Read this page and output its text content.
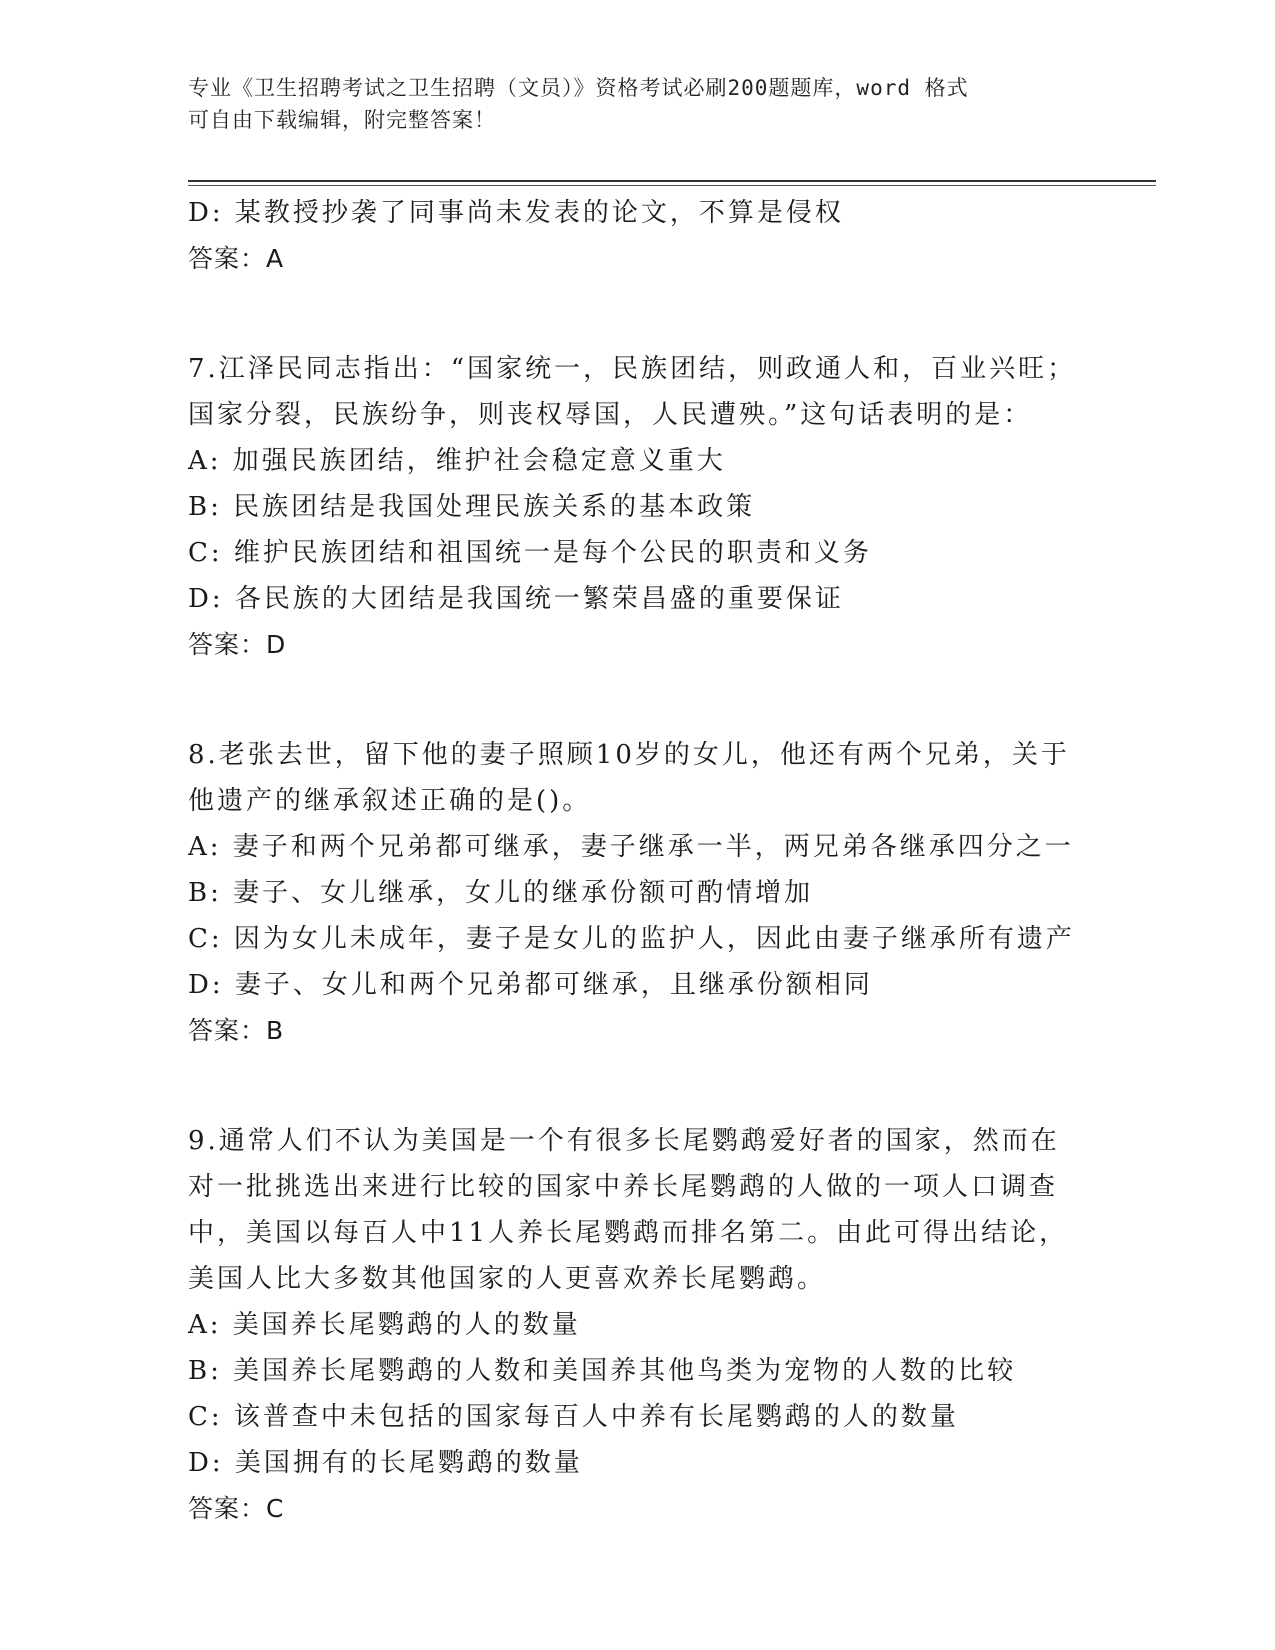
专业《卫生招聘考试之卫生招聘（文员）》资格考试必刷200题题库，word 格式
可自由下载编辑，附完整答案！
D: 某教授抄袭了同事尚未发表的论文，不算是侵权
答案：A
7.江泽民同志指出：“国家统一，民族团结，则政通人和，百业兴旺；
国家分裂，民族纷争，则丧权辱国，人民遭殃。”这句话表明的是：
A: 加强民族团结，维护社会稳定意义重大
B: 民族团结是我国处理民族关系的基本政策
C: 维护民族团结和祖国统一是每个公民的职责和义务
D: 各民族的大团结是我国统一繁荣昌盛的重要保证
答案：D
8.老张去世，留下他的妻子照顾10岁的女儿，他还有两个兄弟，关于
他遗产的继承叙述正确的是()。
A: 妻子和两个兄弟都可继承，妻子继承一半，两兄弟各继承四分之一
B: 妻子、女儿继承，女儿的继承份额可酌情增加
C: 因为女儿未成年，妻子是女儿的监护人，因此由妻子继承所有遗产
D: 妻子、女儿和两个兄弟都可继承，且继承份额相同
答案：B
9.通常人们不认为美国是一个有很多长尾鹦鹉爱好者的国家，然而在
对一批挑选出来进行比较的国家中养长尾鹦鹉的人做的一项人口调查
中，美国以每百人中11人养长尾鹦鹉而排名第二。由此可得出结论，
美国人比大多数其他国家的人更喜欢养长尾鹦鹉。
A: 美国养长尾鹦鹉的人的数量
B: 美国养长尾鹦鹉的人数和美国养其他鸟类为宠物的人数的比较
C: 该普查中未包括的国家每百人中养有长尾鹦鹉的人的数量
D: 美国拥有的长尾鹦鹉的数量
答案：C
